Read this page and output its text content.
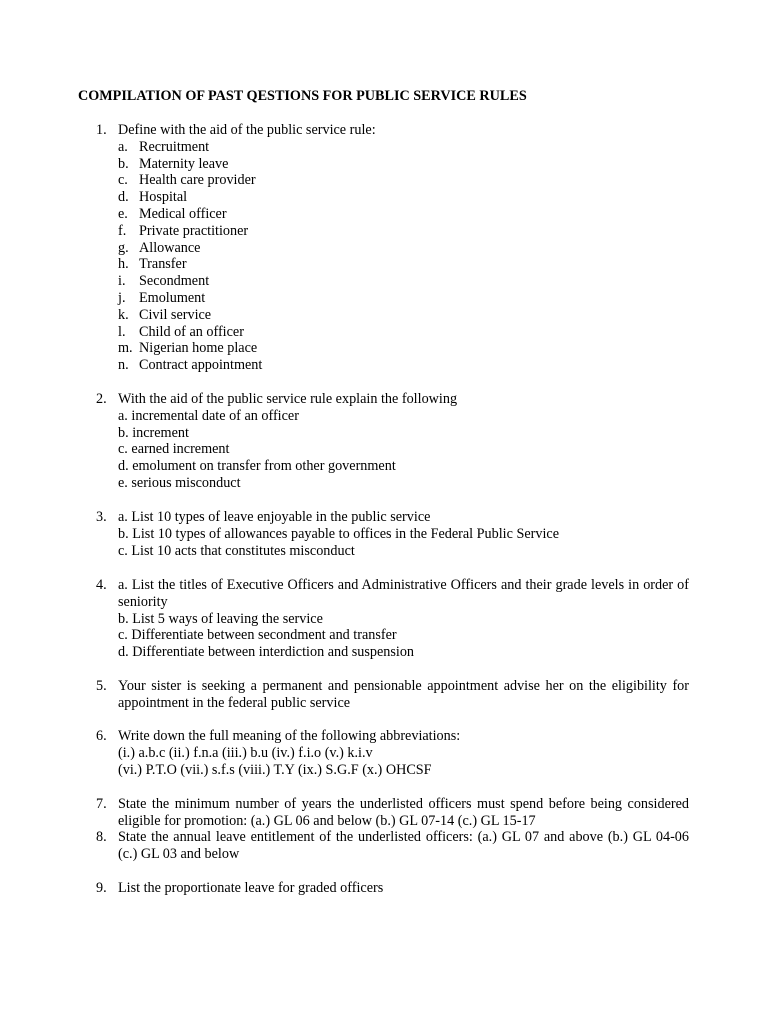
COMPILATION OF PAST QESTIONS FOR PUBLIC SERVICE RULES
1. Define with the aid of the public service rule:
a. Recruitment
b. Maternity leave
c. Health care provider
d. Hospital
e. Medical officer
f. Private practitioner
g. Allowance
h. Transfer
i. Secondment
j. Emolument
k. Civil service
l. Child of an officer
m. Nigerian home place
n. Contract appointment
2. With the aid of the public service rule explain the following
a. incremental date of an officer
b. increment
c. earned increment
d. emolument on transfer from other government
e. serious misconduct
3. a. List 10 types of leave enjoyable in the public service
b. List 10 types of allowances payable to offices in the Federal Public Service
c. List 10 acts that constitutes misconduct
4. a. List the titles of Executive Officers and Administrative Officers and their grade levels in order of seniority
b. List 5 ways of leaving the service
c. Differentiate between secondment and transfer
d. Differentiate between interdiction and suspension
5. Your sister is seeking a permanent and pensionable appointment advise her on the eligibility for appointment in the federal public service
6. Write down the full meaning of the following abbreviations:
(i.) a.b.c (ii.) f.n.a (iii.) b.u (iv.) f.i.o (v.) k.i.v
(vi.) P.T.O (vii.) s.f.s (viii.) T.Y (ix.) S.G.F (x.) OHCSF
7. State the minimum number of years the underlisted officers must spend before being considered eligible for promotion: (a.) GL 06 and below (b.) GL 07-14 (c.) GL 15-17
8. State the annual leave entitlement of the underlisted officers: (a.) GL 07 and above (b.) GL 04-06 (c.) GL 03 and below
9. List the proportionate leave for graded officers
